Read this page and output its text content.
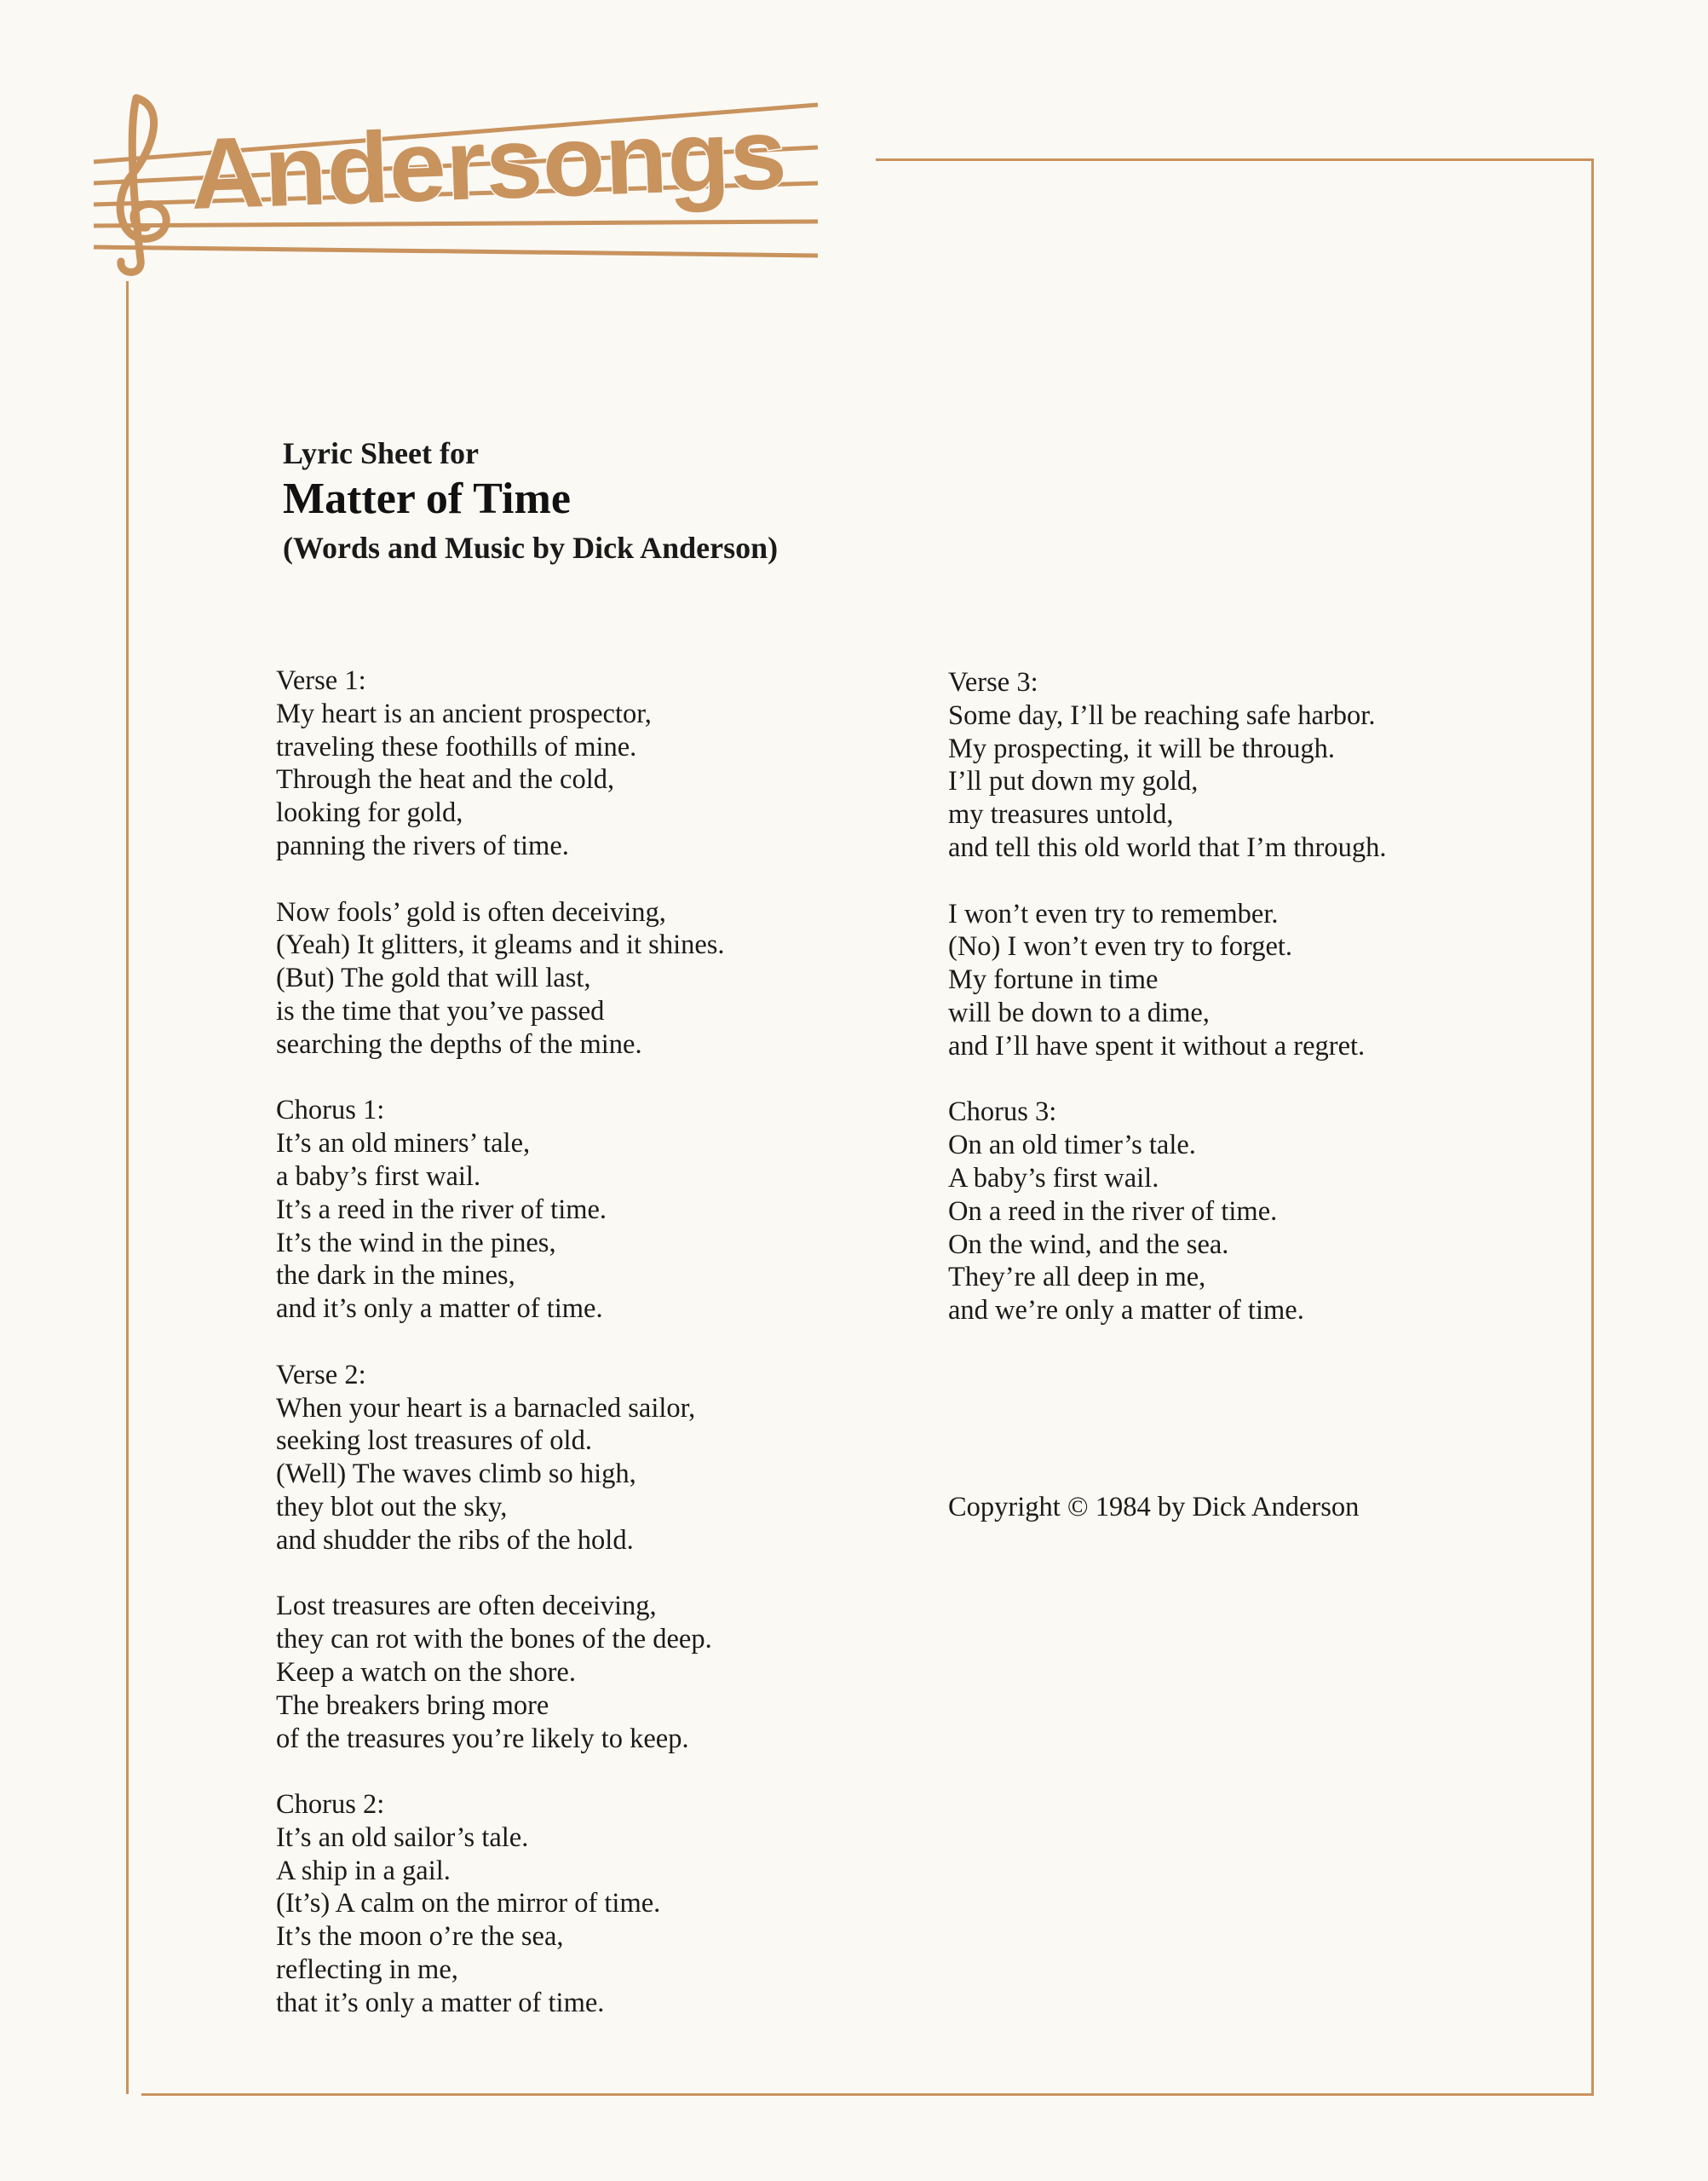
Andersongs

Lyric Sheet for

Matter of Time

(Words and Music by Dick Anderson)

Verse 1:
My heart is an ancient prospector,
traveling these foothills of mine.
Through the heat and the cold,
looking for gold,
panning the rivers of time.
Now fools’ gold is often deceiving,
(Yeah) It glitters, it gleams and it shines.
(But) The gold that will last,
is the time that you’ve passed
searching the depths of the mine.
Chorus 1:
It’s an old miners’ tale,
a baby’s first wail.
It’s a reed in the river of time.
It’s the wind in the pines,
the dark in the mines,
and it’s only a matter of time.
Verse 2:
When your heart is a barnacled sailor,
seeking lost treasures of old.
(Well) The waves climb so high,
they blot out the sky,
and shudder the ribs of the hold.
Lost treasures are often deceiving,
they can rot with the bones of the deep.
Keep a watch on the shore.
The breakers bring more
of the treasures you’re likely to keep.
Chorus 2:
It’s an old sailor’s tale.
A ship in a gail.
(It’s) A calm on the mirror of time.
It’s the moon o’re the sea,
reflecting in me,
that it’s only a matter of time.
Verse 3:
Some day, I’ll be reaching safe harbor.
My prospecting, it will be through.
I’ll put down my gold,
my treasures untold,
and tell this old world that I’m through.
I won’t even try to remember.
(No) I won’t even try to forget.
My fortune in time
will be down to a dime,
and I’ll have spent it without a regret.
Chorus 3:
On an old timer’s tale.
A baby’s first wail.
On a reed in the river of time.
On the wind, and the sea.
They’re all deep in me,
and we’re only a matter of time.
Copyright © 1984 by Dick Anderson
